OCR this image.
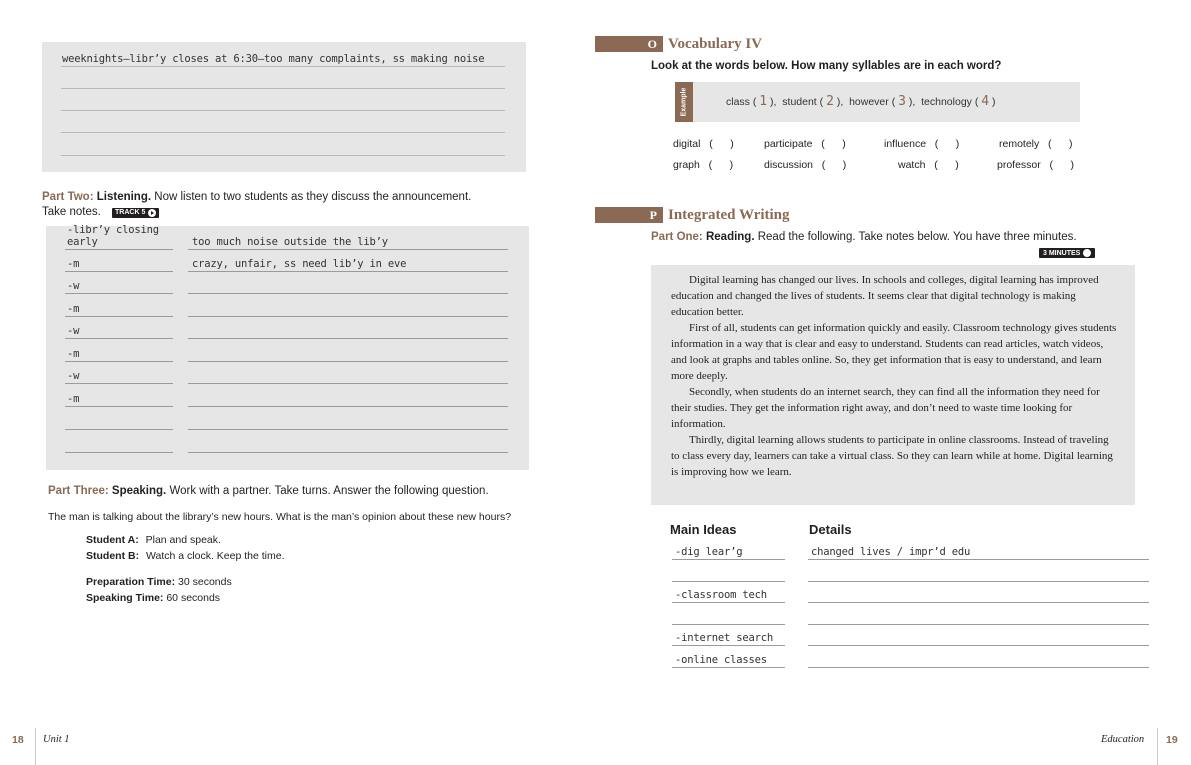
weeknights—libr’y closes at 6:30—too many complaints, ss making noise
Part Two: Listening. Now listen to two students as they discuss the announcement.
Take notes. TRACK 5
-libr’y closing early	too much noise outside the lib’y
-m	crazy, unfair, ss need lib’y in eve
-w
-m
-w
-m
-w
-m
Part Three: Speaking. Work with a partner. Take turns. Answer the following question.
The man is talking about the library’s new hours. What is the man’s opinion about these new hours?
Student A: Plan and speak.
Student B: Watch a clock. Keep the time.
Preparation Time: 30 seconds
Speaking Time: 60 seconds
18 Unit 1
O Vocabulary IV
Look at the words below. How many syllables are in each word?
Example	class ( 1 ),  student ( 2 ),  however ( 3 ),  technology ( 4 )
digital   (      )	participate   (      )	influence   (      )	remotely   (      )
graph   (      )	discussion   (      )	watch   (      )	professor   (      )
P Integrated Writing
Part One: Reading. Read the following. Take notes below. You have three minutes.
3 MINUTES

Digital learning has changed our lives. In schools and colleges, digital learning has improved education and changed the lives of students. It seems clear that digital technology is making education better.

First of all, students can get information quickly and easily. Classroom technology gives students information in a way that is clear and easy to understand. Students can read articles, watch videos, and look at graphs and tables online. So, they get information that is easy to understand, and learn more deeply.

Secondly, when students do an internet search, they can find all the information they need for their studies. They get the information right away, and don’t need to waste time looking for information.

Thirdly, digital learning allows students to participate in online classrooms. Instead of traveling to class every day, learners can take a virtual class. So they can learn while at home. Digital learning is improving how we learn.

Main Ideas	Details
-dig lear’g	changed lives / impr’d edu
-classroom tech
-internet search
-online classes
Education 19
